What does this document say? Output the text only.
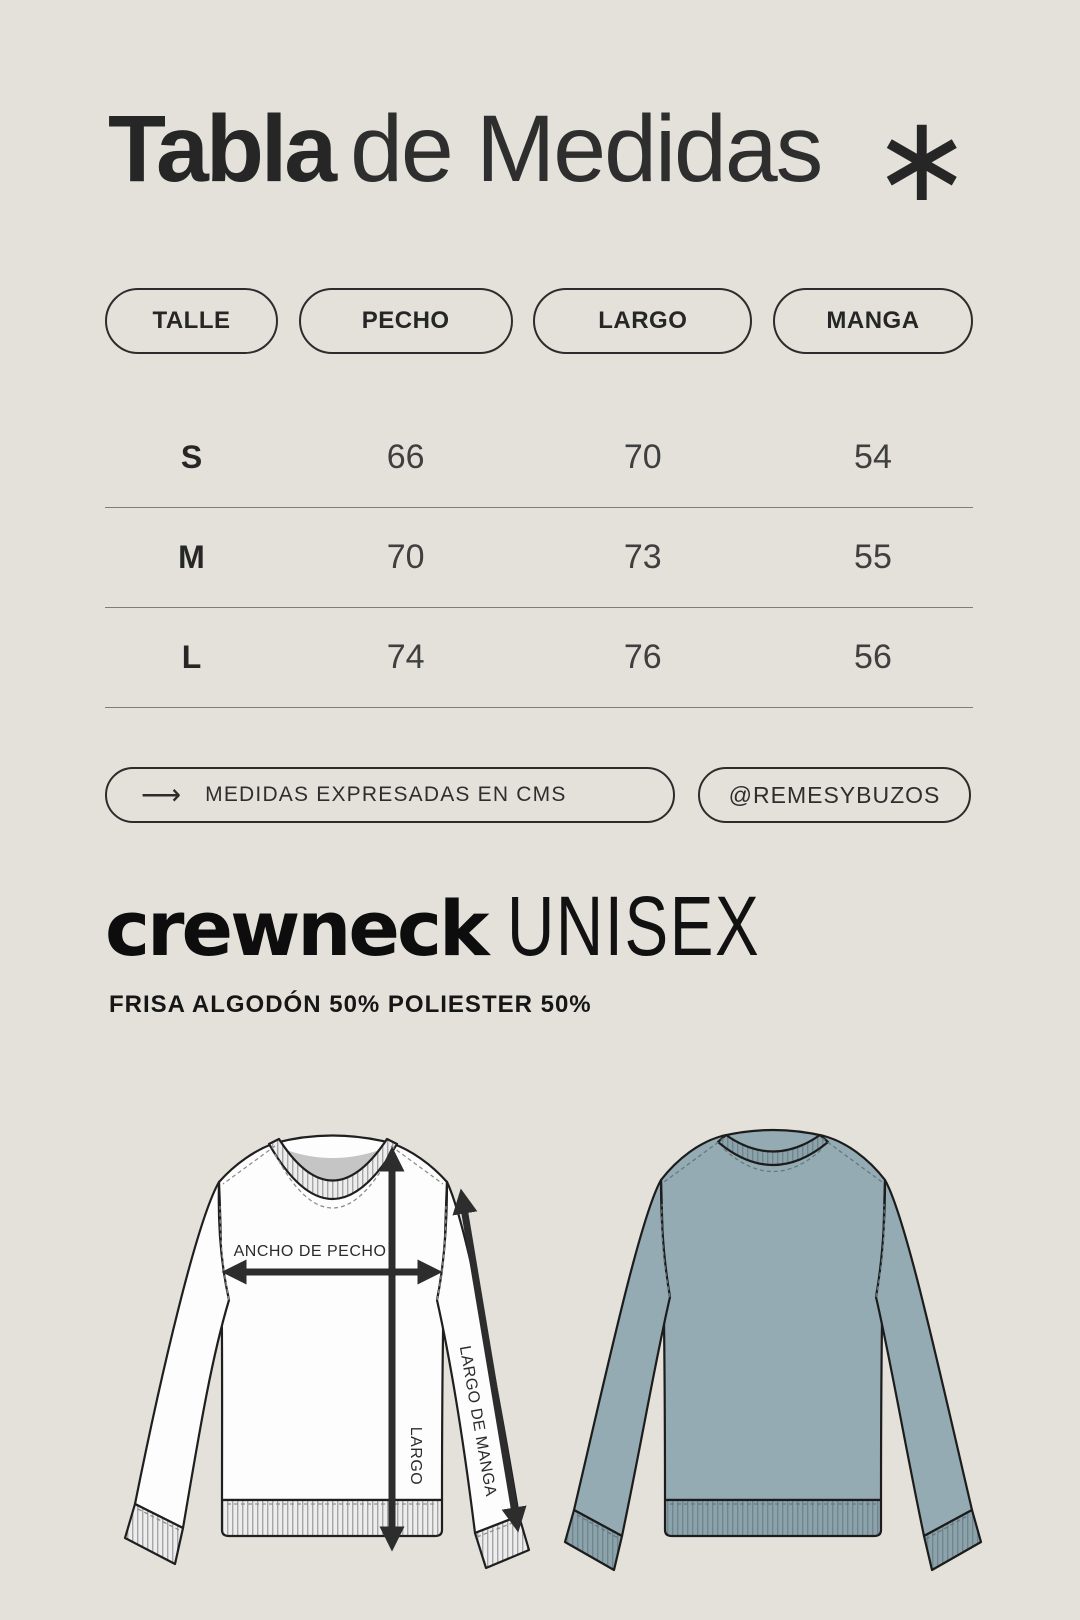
Tabla de Medidas ∗
TALLE	PECHO	LARGO	MANGA
S	66	70	54
M	70	73	55
L	74	76	56
⟶ MEDIDAS EXPRESADAS EN CMS	@REMESYBUZOS
crewneck UNISEX
FRISA ALGODÓN 50% POLIESTER 50%
ANCHO DE PECHO
LARGO LARGO DE MANGA
